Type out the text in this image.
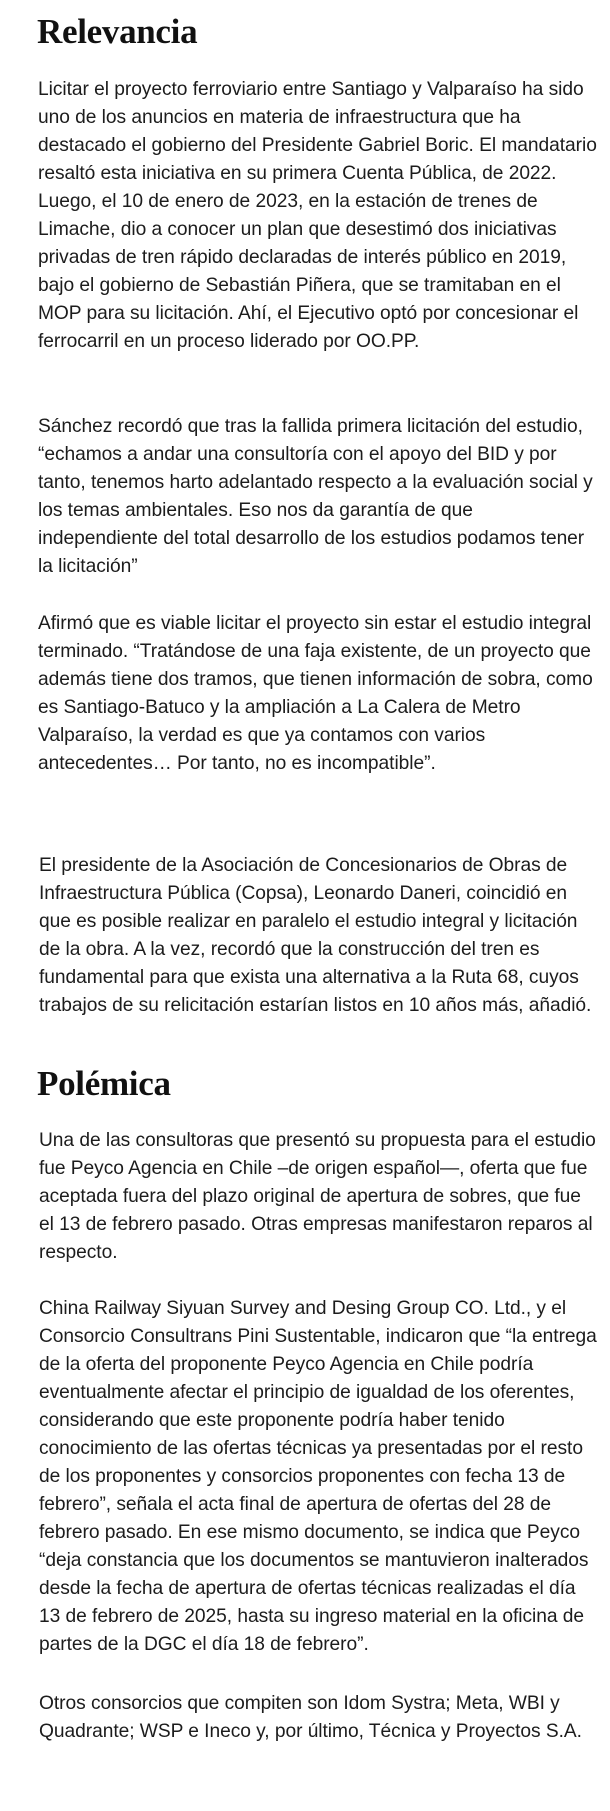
Relevancia

Licitar el proyecto ferroviario entre Santiago y Valparaíso ha sido uno de los anuncios en materia de infraestructura que ha destacado el gobierno del Presidente Gabriel Boric. El mandatario resaltó esta iniciativa en su primera Cuenta Pública, de 2022. Luego, el 10 de enero de 2023, en la estación de trenes de Limache, dio a conocer un plan que desestimó dos iniciativas privadas de tren rápido declaradas de interés público en 2019, bajo el gobierno de Sebastián Piñera, que se tramitaban en el MOP para su licitación. Ahí, el Ejecutivo optó por concesionar el ferrocarril en un proceso liderado por OO.PP.

Sánchez recordó que tras la fallida primera licitación del estudio, “echamos a andar una consultoría con el apoyo del BID y por tanto, tenemos harto adelantado respecto a la evaluación social y los temas ambientales. Eso nos da garantía de que independiente del total desarrollo de los estudios podamos tener la licitación”

Afirmó que es viable licitar el proyecto sin estar el estudio integral terminado. “Tratándose de una faja existente, de un proyecto que además tiene dos tramos, que tienen información de sobra, como es Santiago-Batuco y la ampliación a La Calera de Metro Valparaíso, la verdad es que ya contamos con varios antecedentes… Por tanto, no es incompatible”.

El presidente de la Asociación de Concesionarios de Obras de Infraestructura Pública (Copsa), Leonardo Daneri, coincidió en que es posible realizar en paralelo el estudio integral y licitación de la obra. A la vez, recordó que la construcción del tren es fundamental para que exista una alternativa a la Ruta 68, cuyos trabajos de su relicitación estarían listos en 10 años más, añadió.

Polémica

Una de las consultoras que presentó su propuesta para el estudio fue Peyco Agencia en Chile –de origen español—, oferta que fue aceptada fuera del plazo original de apertura de sobres, que fue el 13 de febrero pasado. Otras empresas manifestaron reparos al respecto.

China Railway Siyuan Survey and Desing Group CO. Ltd., y el Consorcio Consultrans Pini Sustentable, indicaron que “la entrega de la oferta del proponente Peyco Agencia en Chile podría eventualmente afectar el principio de igualdad de los oferentes, considerando que este proponente podría haber tenido conocimiento de las ofertas técnicas ya presentadas por el resto de los proponentes y consorcios proponentes con fecha 13 de febrero”, señala el acta final de apertura de ofertas del 28 de febrero pasado. En ese mismo documento, se indica que Peyco “deja constancia que los documentos se mantuvieron inalterados desde la fecha de apertura de ofertas técnicas realizadas el día 13 de febrero de 2025, hasta su ingreso material en la oficina de partes de la DGC el día 18 de febrero”.

Otros consorcios que compiten son Idom Systra; Meta, WBI y Quadrante; WSP e Ineco y, por último, Técnica y Proyectos S.A.
